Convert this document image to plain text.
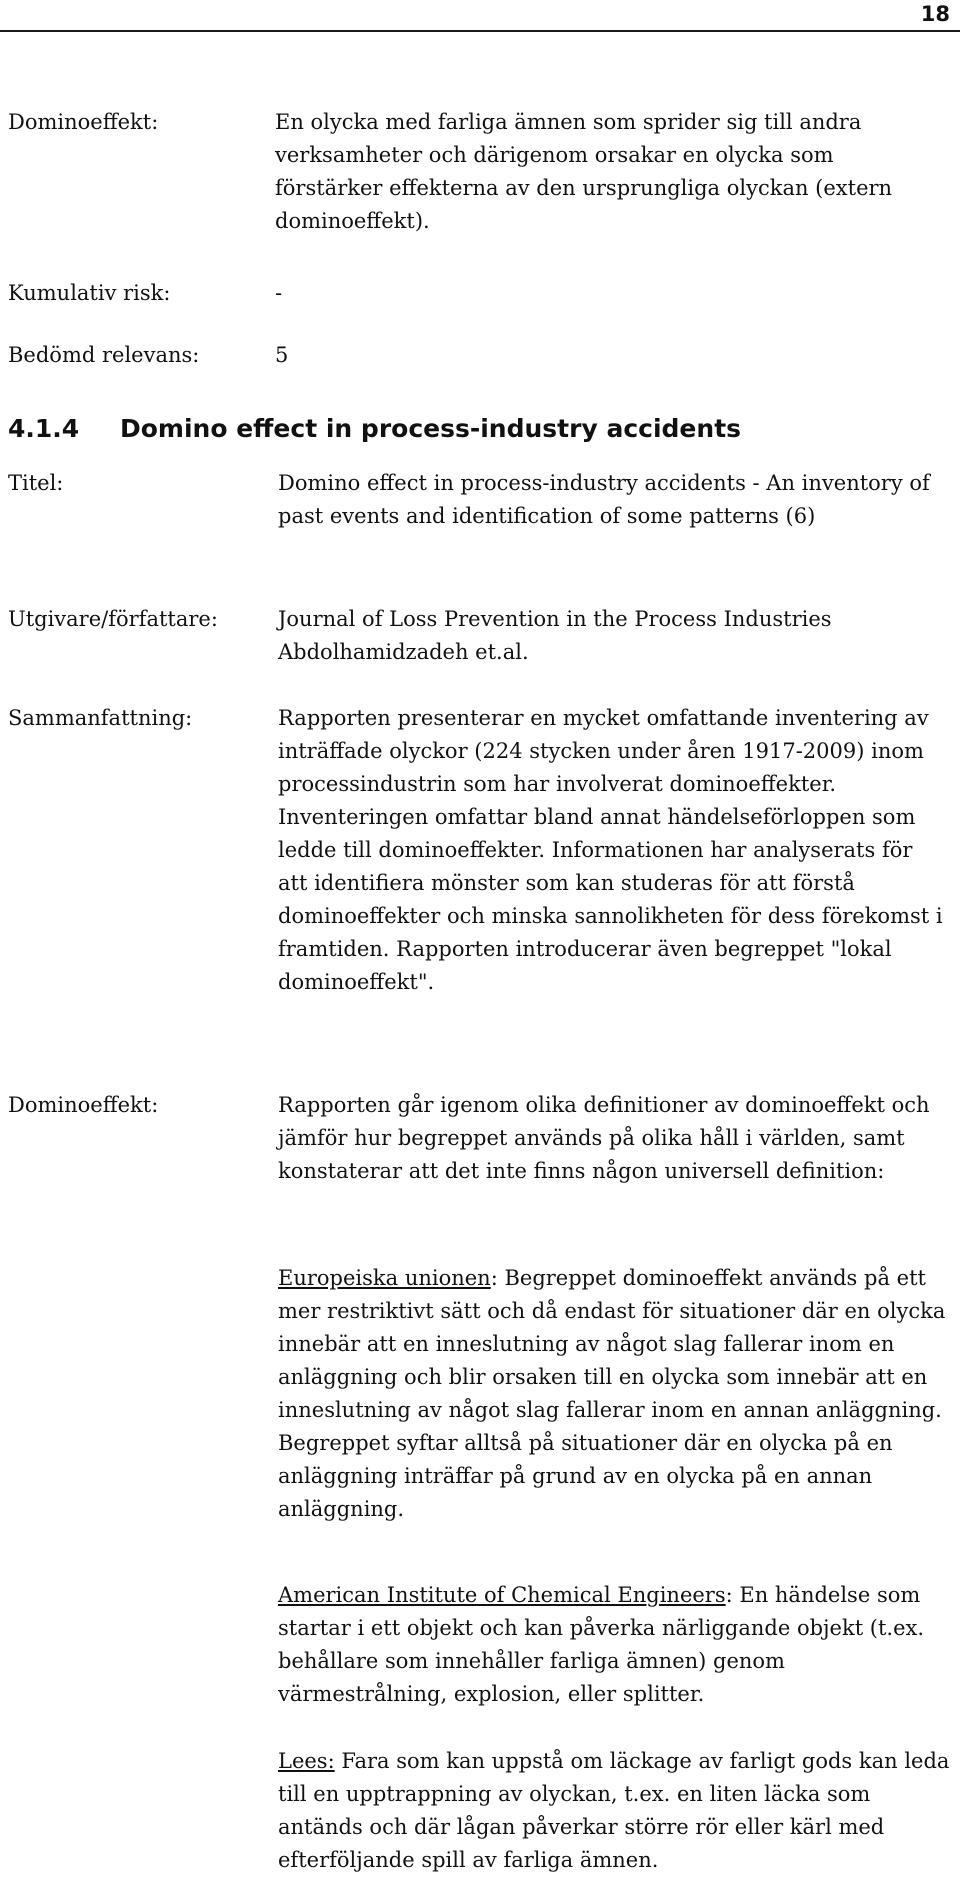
18
Dominoeffekt:	En olycka med farliga ämnen som sprider sig till andra verksamheter och därigenom orsakar en olycka som förstärker effekterna av den ursprungliga olyckan (extern dominoeffekt).

Kumulativ risk:	-

Bedömd relevans:	5

4.1.4 Domino effect in process-industry accidents
Titel:	Domino effect in process-industry accidents - An inventory of past events and identification of some patterns (6)

Utgivare/författare:	Journal of Loss Prevention in the Process Industries

Abdolhamidzadeh et.al.

Sammanfattning:	Rapporten presenterar en mycket omfattande inventering av inträffade olyckor (224 stycken under åren 1917-2009) inom processindustrin som har involverat dominoeffekter. Inventeringen omfattar bland annat händelseförloppen som ledde till dominoeffekter. Informationen har analyserats för att identifiera mönster som kan studeras för att förstå dominoeffekter och minska sannolikheten för dess förekomst i framtiden. Rapporten introducerar även begreppet "lokal dominoeffekt".

Dominoeffekt:	Rapporten går igenom olika definitioner av dominoeffekt och jämför hur begreppet används på olika håll i världen, samt konstaterar att det inte finns någon universell definition:

Europeiska unionen: Begreppet dominoeffekt används på ett mer restriktivt sätt och då endast för situationer där en olycka innebär att en inneslutning av något slag fallerar inom en anläggning och blir orsaken till en olycka som innebär att en inneslutning av något slag fallerar inom en annan anläggning. Begreppet syftar alltså på situationer där en olycka på en anläggning inträffar på grund av en olycka på en annan anläggning.

American Institute of Chemical Engineers: En händelse som startar i ett objekt och kan påverka närliggande objekt (t.ex. behållare som innehåller farliga ämnen) genom värmestrålning, explosion, eller splitter.

Lees: Fara som kan uppstå om läckage av farligt gods kan leda till en upptrappning av olyckan, t.ex. en liten läcka som antänds och där lågan påverkar större rör eller kärl med efterföljande spill av farliga ämnen.
